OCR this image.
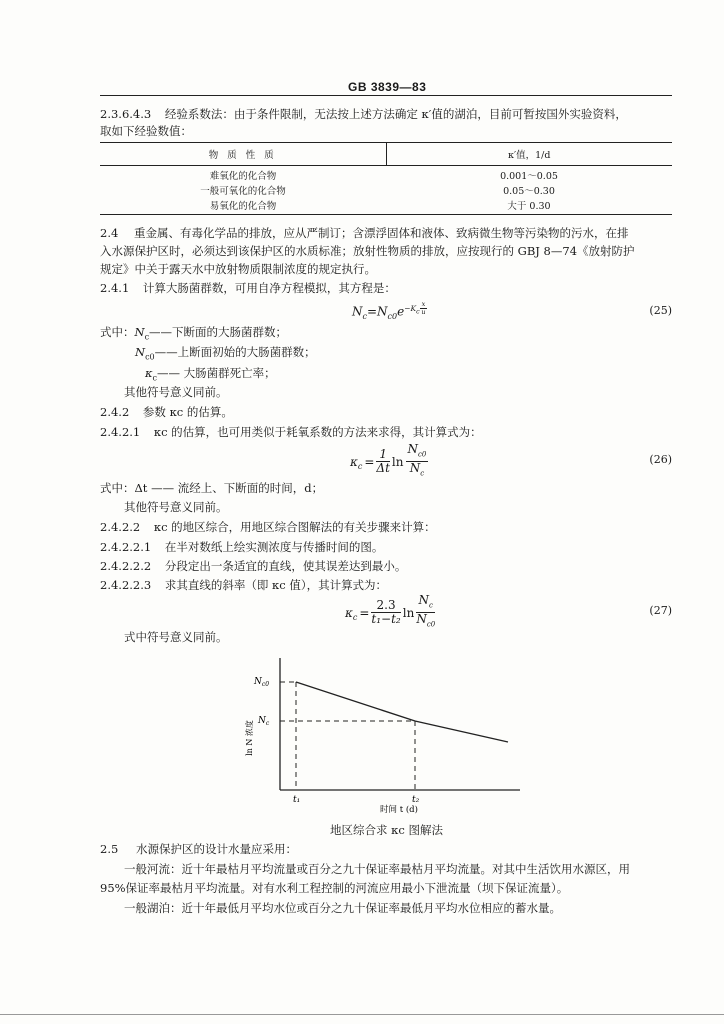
GB 3839—83
2.3.6.4.3 经验系数法：由于条件限制，无法按上述方法确定 κ′值的湖泊，目前可暂按国外实验资料，
取如下经验数值：
物 质 性 质	κ′值，1/d
难氧化的化合物	0.001～0.05
一般可氧化的化合物	0.05～0.30
易氧化的化合物	大于 0.30
2.4 重金属、有毒化学品的排放，应从严制订；含漂浮固体和液体、致病微生物等污染物的污水，在排
入水源保护区时，必须达到该保护区的水质标准；放射性物质的排放，应按现行的 GBJ 8—74《放射防护
规定》中关于露天水中放射物质限制浓度的规定执行。
2.4.1 计算大肠菌群数，可用自净方程模拟，其方程是：
$N_c=N_{c0}e^{-K_c \frac{x}{u}}$	(25)
式中：$N_c——$下断面的大肠菌群数；
$N_{c0}——$上断面初始的大肠菌群数；
$\kappa_c——$ 大肠菌群死亡率；
其他符号意义同前。
2.4.2 参数 κc 的估算。
2.4.2.1 κc 的估算，也可用类似于耗氧系数的方法来求得，其计算式为：
$\kappa_c = \frac{1}{\Delta t}$ $\ln \frac{N_{c0}}{N_c}$	(26)
式中：Δt —— 流经上、下断面的时间，d；
其他符号意义同前。
2.4.2.2 κc 的地区综合，用地区综合图解法的有关步骤来计算：
2.4.2.2.1 在半对数纸上绘实测浓度与传播时间的图。
2.4.2.2.2 分段定出一条适宜的直线，使其误差达到最小。
2.4.2.2.3 求其直线的斜率（即 κc 值），其计算式为：
$\kappa_c = \frac{2.3}{\text{t₁−t₂}}$ $\ln \frac{N_c}{N_{c0}}$	(27)
式中符号意义同前。
$N_{c0}$
$N_c$
t₁	t₂
时间 t (d)
ln N 浓度
地区综合求 κc 图解法
2.5 水源保护区的设计水量应采用：
一般河流：近十年最枯月平均流量或百分之九十保证率最枯月平均流量。对其中生活饮用水源区，用
95%保证率最枯月平均流量。对有水利工程控制的河流应用最小下泄流量（坝下保证流量）。
一般湖泊：近十年最低月平均水位或百分之九十保证率最低月平均水位相应的蓄水量。
